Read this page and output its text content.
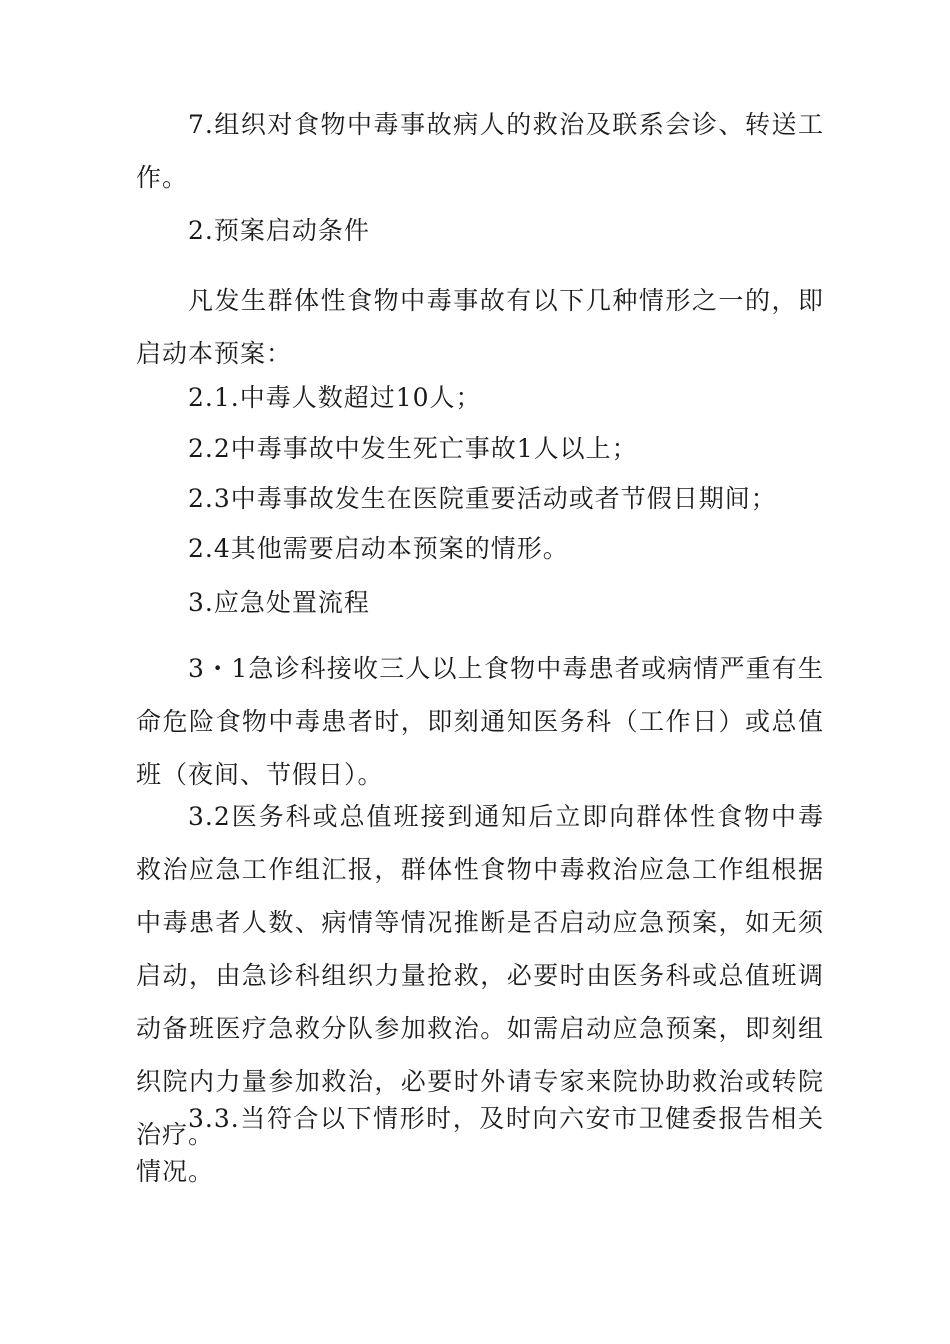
7.组织对食物中毒事故病人的救治及联系会诊、转送工作。

2.预案启动条件

凡发生群体性食物中毒事故有以下几种情形之一的，即 启动本预案：

2.1.中毒人数超过10人；

2.2中毒事故中发生死亡事故1人以上；

2.3中毒事故发生在医院重要活动或者节假日期间；

2.4其他需要启动本预案的情形。

3.应急处置流程

3・1急诊科接收三人以上食物中毒患者或病情严重有生 命危险食物中毒患者时，即刻通知医务科（工作日）或总值 班（夜间、节假日）。

3.2医务科或总值班接到通知后立即向群体性食物中毒 救治应急工作组汇报，群体性食物中毒救治应急工作组根据 中毒患者人数、病情等情况推断是否启动应急预案，如无须 启动，由急诊科组织力量抢救，必要时由医务科或总值班调 动备班医疗急救分队参加救治。如需启动应急预案，即刻组 织院内力量参加救治，必要时外请专家来院协助救治或转院 治疗。

3.3.当符合以下情形时，及时向六安市卫健委报告相关 情况。
